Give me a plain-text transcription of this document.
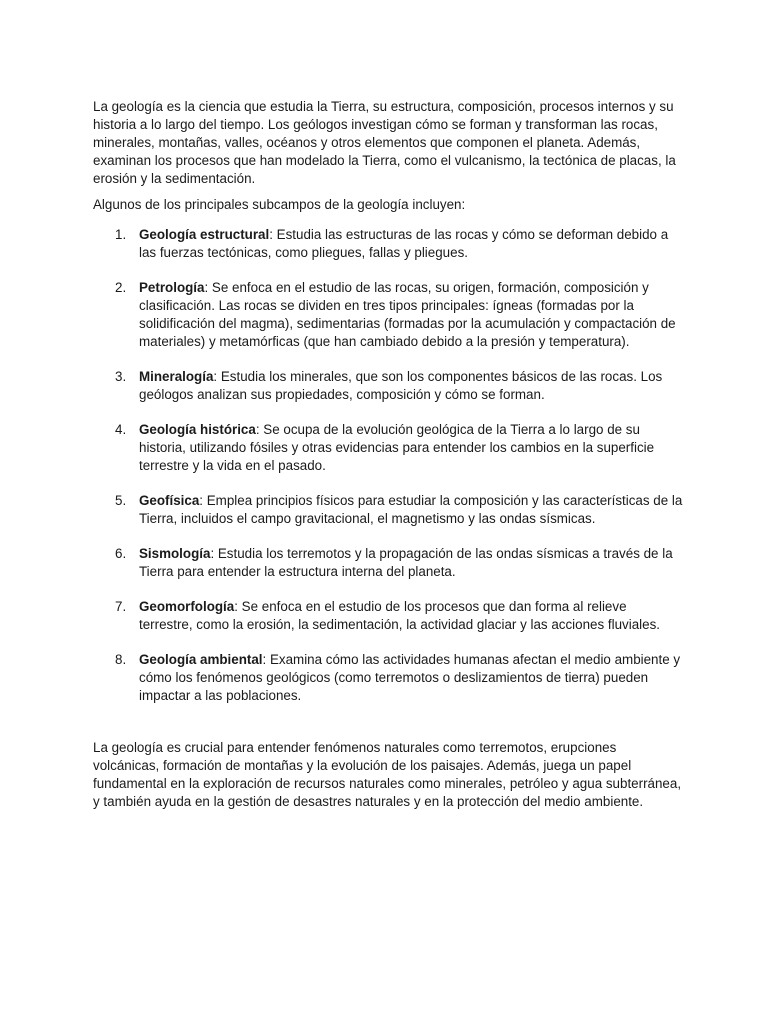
La geología es la ciencia que estudia la Tierra, su estructura, composición, procesos internos y su historia a lo largo del tiempo. Los geólogos investigan cómo se forman y transforman las rocas, minerales, montañas, valles, océanos y otros elementos que componen el planeta. Además, examinan los procesos que han modelado la Tierra, como el vulcanismo, la tectónica de placas, la erosión y la sedimentación.

Algunos de los principales subcampos de la geología incluyen:

1. Geología estructural: Estudia las estructuras de las rocas y cómo se deforman debido a las fuerzas tectónicas, como pliegues, fallas y pliegues.
2. Petrología: Se enfoca en el estudio de las rocas, su origen, formación, composición y clasificación. Las rocas se dividen en tres tipos principales: ígneas (formadas por la solidificación del magma), sedimentarias (formadas por la acumulación y compactación de materiales) y metamórficas (que han cambiado debido a la presión y temperatura).
3. Mineralogía: Estudia los minerales, que son los componentes básicos de las rocas. Los geólogos analizan sus propiedades, composición y cómo se forman.
4. Geología histórica: Se ocupa de la evolución geológica de la Tierra a lo largo de su historia, utilizando fósiles y otras evidencias para entender los cambios en la superficie terrestre y la vida en el pasado.
5. Geofísica: Emplea principios físicos para estudiar la composición y las características de la Tierra, incluidos el campo gravitacional, el magnetismo y las ondas sísmicas.
6. Sismología: Estudia los terremotos y la propagación de las ondas sísmicas a través de la Tierra para entender la estructura interna del planeta.
7. Geomorfología: Se enfoca en el estudio de los procesos que dan forma al relieve terrestre, como la erosión, la sedimentación, la actividad glaciar y las acciones fluviales.
8. Geología ambiental: Examina cómo las actividades humanas afectan el medio ambiente y cómo los fenómenos geológicos (como terremotos o deslizamientos de tierra) pueden impactar a las poblaciones.

La geología es crucial para entender fenómenos naturales como terremotos, erupciones volcánicas, formación de montañas y la evolución de los paisajes. Además, juega un papel fundamental en la exploración de recursos naturales como minerales, petróleo y agua subterránea, y también ayuda en la gestión de desastres naturales y en la protección del medio ambiente.
